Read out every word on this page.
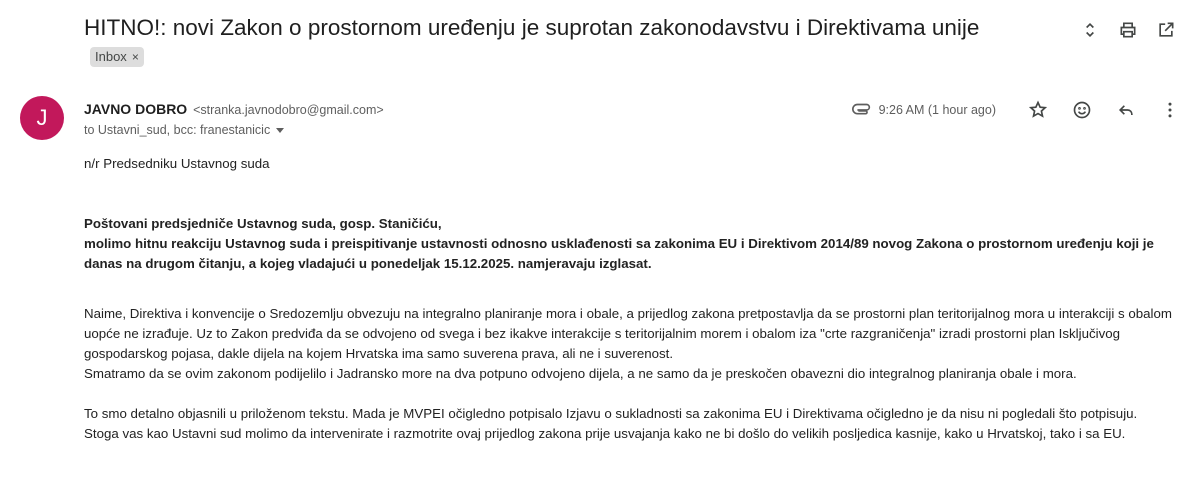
HITNO!: novi Zakon o prostornom uređenju je suprotan zakonodavstvu i Direktivama unije
Inbox ×
J	JAVNO DOBRO <stranka.javnodobro@gmail.com>
to Ustavni_sud, bcc: franestanicic
9:26 AM (1 hour ago)

n/r Predsedniku Ustavnog suda

Poštovani predsjedniče Ustavnog suda, gosp. Staničiću,

molimo hitnu reakciju Ustavnog suda i preispitivanje ustavnosti odnosno usklađenosti sa zakonima EU i Direktivom 2014/89 novog Zakona o prostornom uređenju koji je danas na drugom čitanju, a kojeg vladajući u ponedeljak 15.12.2025. namjeravaju izglasat.

Naime, Direktiva i konvencije o Sredozemlju obvezuju na integralno planiranje mora i obale, a prijedlog zakona pretpostavlja da se prostorni plan teritorijalnog mora u interakciji s obalom uopće ne izrađuje. Uz to Zakon predviđa da se odvojeno od svega i bez ikakve interakcije s teritorijalnim morem i obalom iza "crte razgraničenja" izradi prostorni plan Isključivog gospodarskog pojasa, dakle dijela na kojem Hrvatska ima samo suverena prava, ali ne i suverenost.

Smatramo da se ovim zakonom podijelilo i Jadransko more na dva potpuno odvojeno dijela, a ne samo da je preskočen obavezni dio integralnog planiranja obale i mora.

To smo detalno objasnili u priloženom tekstu. Mada je MVPEI očigledno potpisalo Izjavu o sukladnosti sa zakonima EU i Direktivama očigledno je da nisu ni pogledali što potpisuju.

Stoga vas kao Ustavni sud molimo da intervenirate i razmotrite ovaj prijedlog zakona prije usvajanja kako ne bi došlo do velikih posljedica kasnije, kako u Hrvatskoj, tako i sa EU.
